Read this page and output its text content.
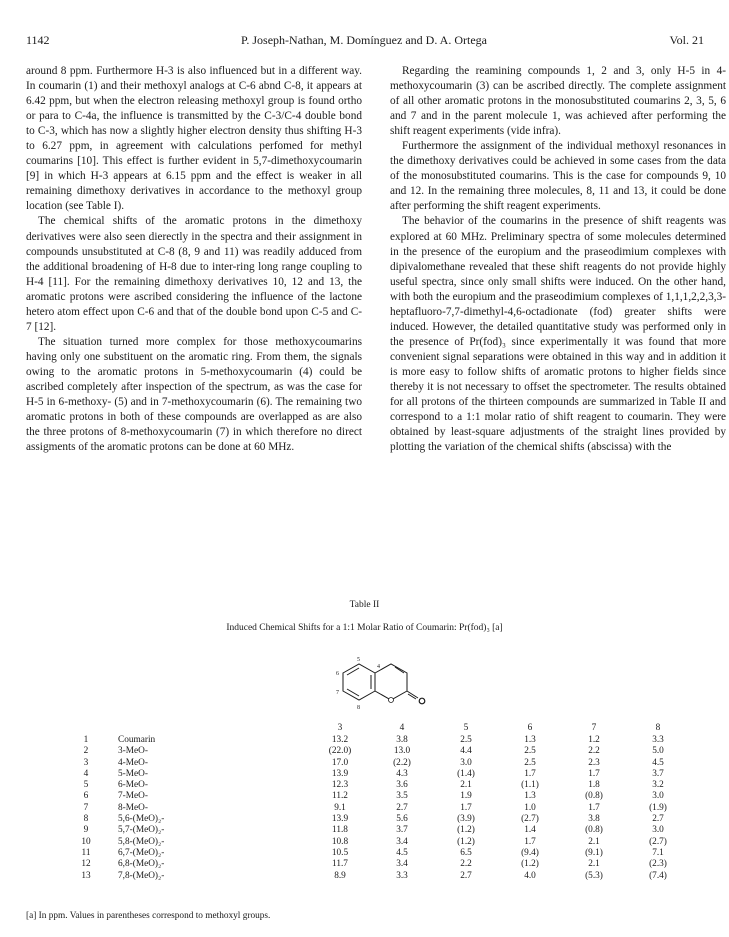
1142	P. Joseph-Nathan, M. Domínguez and D. A. Ortega	Vol. 21

around 8 ppm. Furthermore H-3 is also influenced but in a different way. In coumarin (1) and their methoxyl analogs at C-6 abnd C-8, it appears at 6.42 ppm, but when the electron releasing methoxyl group is found ortho or para to C-4a, the influence is transmitted by the C-3/C-4 double bond to C-3, which has now a slightly higher electron density thus shifting H-3 to 6.27 ppm, in agreement with calculations perfomed for methyl coumarins [10]. This effect is further evident in 5,7-dimethoxycoumarin [9] in which H-3 appears at 6.15 ppm and the effect is weaker in all remaining dimethoxy derivatives in accordance to the methoxyl group location (see Table I).

The chemical shifts of the aromatic protons in the dimethoxy derivatives were also seen dierectly in the spectra and their assignment in compounds unsubstituted at C-8 (8, 9 and 11) was readily adduced from the additional broadening of H-8 due to inter-ring long range coupling to H-4 [11]. For the remaining dimethoxy derivatives 10, 12 and 13, the aromatic protons were ascribed considering the influence of the lactone hetero atom effect upon C-6 and that of the double bond upon C-5 and C-7 [12].

The situation turned more complex for those methoxycoumarins having only one substituent on the aromatic ring. From them, the signals owing to the aromatic protons in 5-methoxycoumarin (4) could be ascribed completely after inspection of the spectrum, as was the case for H-5 in 6-methoxy- (5) and in 7-methoxycoumarin (6). The remaining two aromatic protons in both of these compounds are overlapped as are also the three protons of 8-methoxycoumarin (7) in which therefore no direct assigments of the aromatic protons can be done at 60 MHz.

Regarding the reamining compounds 1, 2 and 3, only H-5 in 4-methoxycoumarin (3) can be ascribed directly. The complete assignment of all other aromatic protons in the monosubstituted coumarins 2, 3, 5, 6 and 7 and in the parent molecule 1, was achieved after performing the shift reagent experiments (vide infra).

Furthermore the assignment of the individual methoxyl resonances in the dimethoxy derivatives could be achieved in some cases from the data of the monosubstituted coumarins. This is the case for compounds 9, 10 and 12. In the remaining three molecules, 8, 11 and 13, it could be done after performing the shift reagent experiments.

The behavior of the coumarins in the presence of shift reagents was explored at 60 MHz. Preliminary spectra of some molecules determined in the presence of the europium and the praseodimium complexes with dipivalomethane revealed that these shift reagents do not provide highly useful spectra, since only small shifts were induced. On the other hand, with both the europium and the praseodimium complexes of 1,1,1,2,2,3,3-heptafluoro-7,7-dimethyl-4,6-octadionate (fod) greater shifts were induced. However, the detailed quantitative study was performed only in the presence of Pr(fod)₃ since experimentally it was found that more convenient signal separations were obtained in this way and in addition it is more easy to follow shifts of aromatic protons to higher fields since thereby it is not necessary to offset the spectrometer. The results obtained for all protons of the thirteen compounds are summarized in Table II and correspond to a 1:1 molar ratio of shift reagent to coumarin. They were obtained by least-square adjustments of the straight lines provided by plotting the variation of the chemical shifts (abscissa) with the

Table II
Induced Chemical Shifts for a 1:1 Molar Ratio of Coumarin: Pr(fod)₃ [a]
5
4
6
7
8
		3	4	5	6	7	8
1	Coumarin	13.2	3.8	2.5	1.3	1.2	3.3
2	3-MeO-	(22.0)	13.0	4.4	2.5	2.2	5.0
3	4-MeO-	17.0	(2.2)	3.0	2.5	2.3	4.5
4	5-MeO-	13.9	4.3	(1.4)	1.7	1.7	3.7
5	6-MeO-	12.3	3.6	2.1	(1.1)	1.8	3.2
6	7-MeO-	11.2	3.5	1.9	1.3	(0.8)	3.0
7	8-MeO-	9.1	2.7	1.7	1.0	1.7	(1.9)
8	5,6-(MeO)₂-	13.9	5.6	(3.9)	(2.7)	3.8	2.7
9	5,7-(MeO)₂-	11.8	3.7	(1.2)	1.4	(0.8)	3.0
10	5,8-(MeO)₂-	10.8	3.4	(1.2)	1.7	2.1	(2.7)
11	6,7-(MeO)₂-	10.5	4.5	6.5	(9.4)	(9.1)	7.1
12	6,8-(MeO)₂-	11.7	3.4	2.2	(1.2)	2.1	(2.3)
13	7,8-(MeO)₂-	8.9	3.3	2.7	4.0	(5.3)	(7.4)
[a] In ppm. Values in parentheses correspond to methoxyl groups.
